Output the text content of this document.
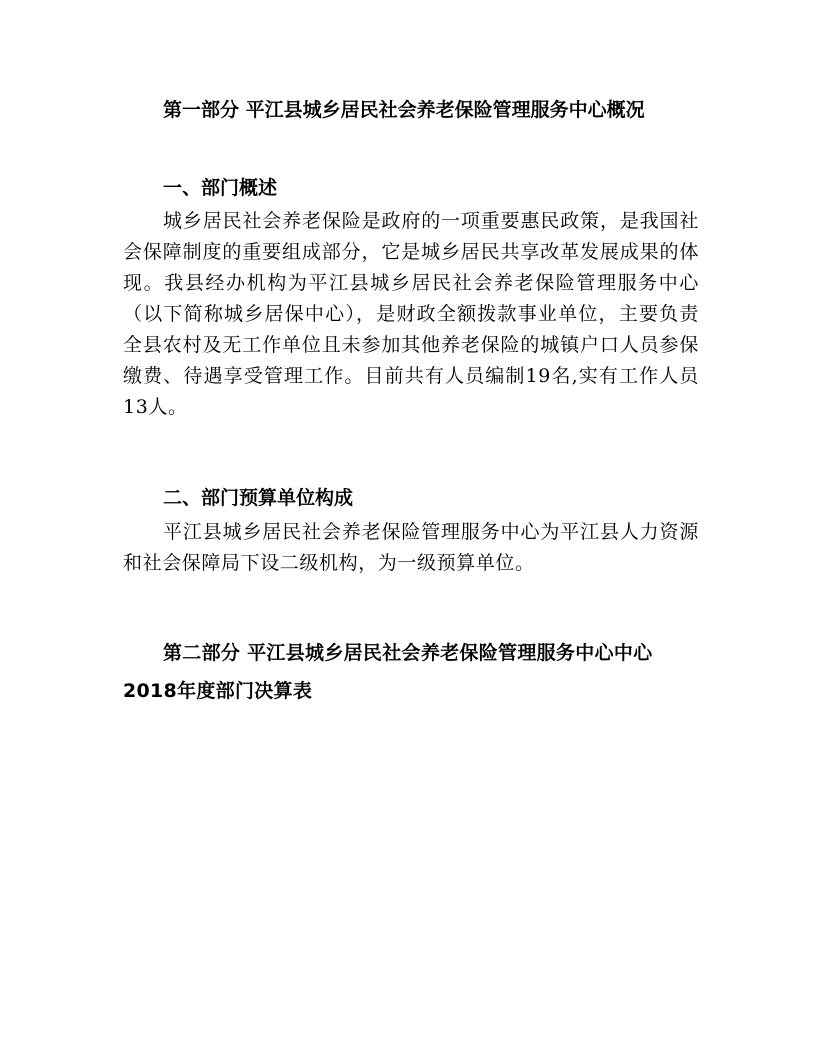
第一部分 平江县城乡居民社会养老保险管理服务中心概况
一、部门概述
城乡居民社会养老保险是政府的一项重要惠民政策，是我国社会保障制度的重要组成部分，它是城乡居民共享改革发展成果的体现。我县经办机构为平江县城乡居民社会养老保险管理服务中心（以下简称城乡居保中心），是财政全额拨款事业单位，主要负责全县农村及无工作单位且未参加其他养老保险的城镇户口人员参保缴费、待遇享受管理工作。目前共有人员编制19名,实有工作人员13人。
二、部门预算单位构成
平江县城乡居民社会养老保险管理服务中心为平江县人力资源和社会保障局下设二级机构，为一级预算单位。
第二部分 平江县城乡居民社会养老保险管理服务中心中心2018年度部门决算表
